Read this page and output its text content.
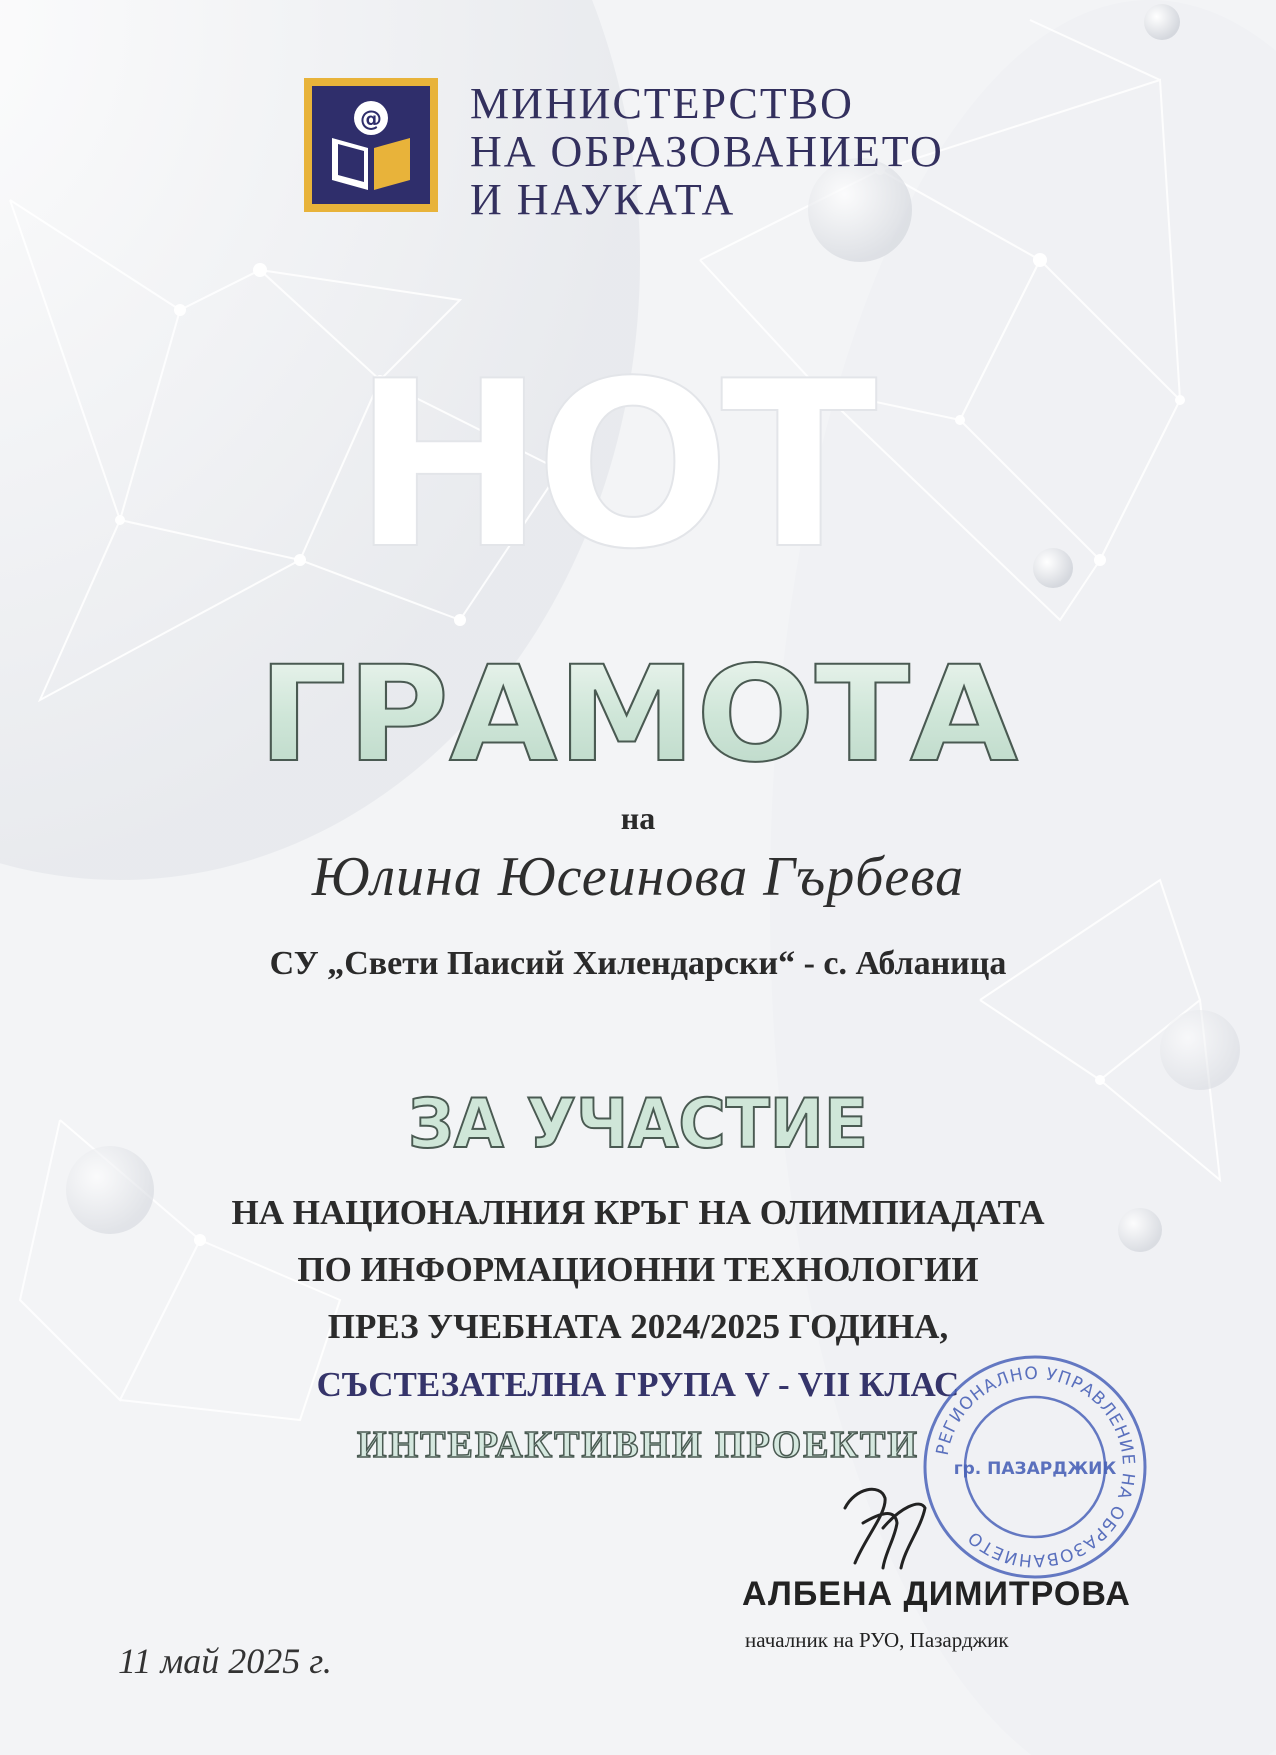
@ МИНИСТЕРСТВО
НА ОБРАЗОВАНИЕТО
И НАУКАТА
НОТ
ГРАМОТА
на
Юлина Юсеинова Гърбева
СУ „Свети Паисий Хилендарски“ - с. Абланица
ЗА УЧАСТИЕ
НА НАЦИОНАЛНИЯ КРЪГ НА ОЛИМПИАДАТА
ПО ИНФОРМАЦИОННИ ТЕХНОЛОГИИ
ПРЕЗ УЧЕБНАТА 2024/2025 ГОДИНА,
СЪСТЕЗАТЕЛНА ГРУПА V - VII КЛАС
ИНТЕРАКТИВНИ ПРОЕКТИ РЕГИОНАЛНО УПРАВЛЕНИЕ НА ОБРАЗОВАНИЕТО
гр. ПАЗАРДЖИК
АЛБЕНА ДИМИТРОВА
началник на РУО, Пазарджик
11 май 2025 г.
